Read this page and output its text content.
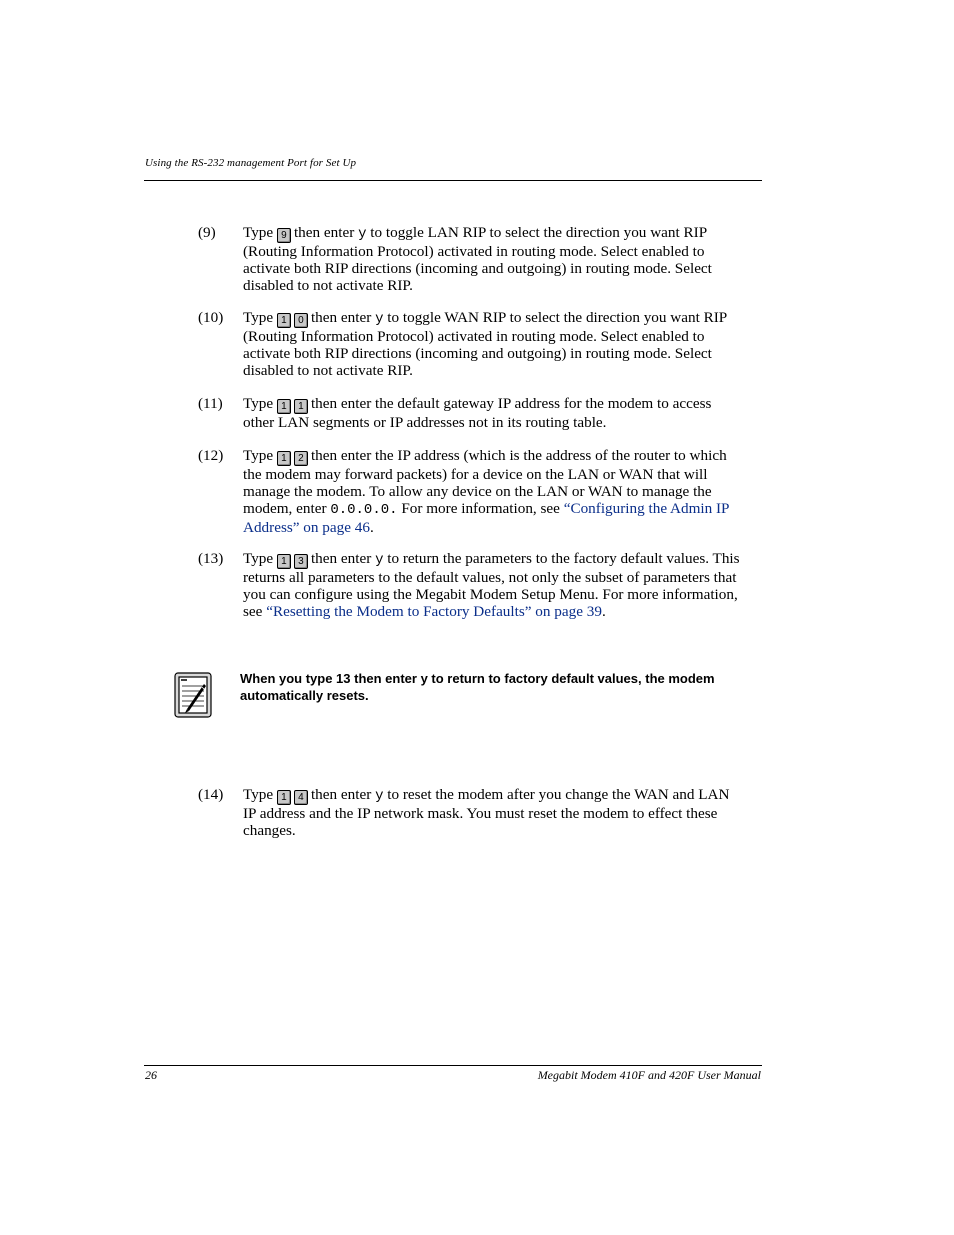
Using the RS-232 management Port for Set Up
(9) Type 9 then enter y to toggle LAN RIP to select the direction you want RIP (Routing Information Protocol) activated in routing mode. Select enabled to activate both RIP directions (incoming and outgoing) in routing mode. Select disabled to not activate RIP.
(10) Type 1 0 then enter y to toggle WAN RIP to select the direction you want RIP (Routing Information Protocol) activated in routing mode. Select enabled to activate both RIP directions (incoming and outgoing) in routing mode. Select disabled to not activate RIP.
(11) Type 1 1 then enter the default gateway IP address for the modem to access other LAN segments or IP addresses not in its routing table.
(12) Type 1 2 then enter the IP address (which is the address of the router to which the modem may forward packets) for a device on the LAN or WAN that will manage the modem. To allow any device on the LAN or WAN to manage the modem, enter 0.0.0.0. For more information, see “Configuring the Admin IP Address” on page 46.
(13) Type 1 3 then enter y to return the parameters to the factory default values. This returns all parameters to the default values, not only the subset of parameters that you can configure using the Megabit Modem Setup Menu. For more information, see “Resetting the Modem to Factory Defaults” on page 39.
When you type 13 then enter y to return to factory default values, the modem automatically resets.
(14) Type 1 4 then enter y to reset the modem after you change the WAN and LAN IP address and the IP network mask. You must reset the modem to effect these changes.
26	Megabit Modem 410F and 420F User Manual
